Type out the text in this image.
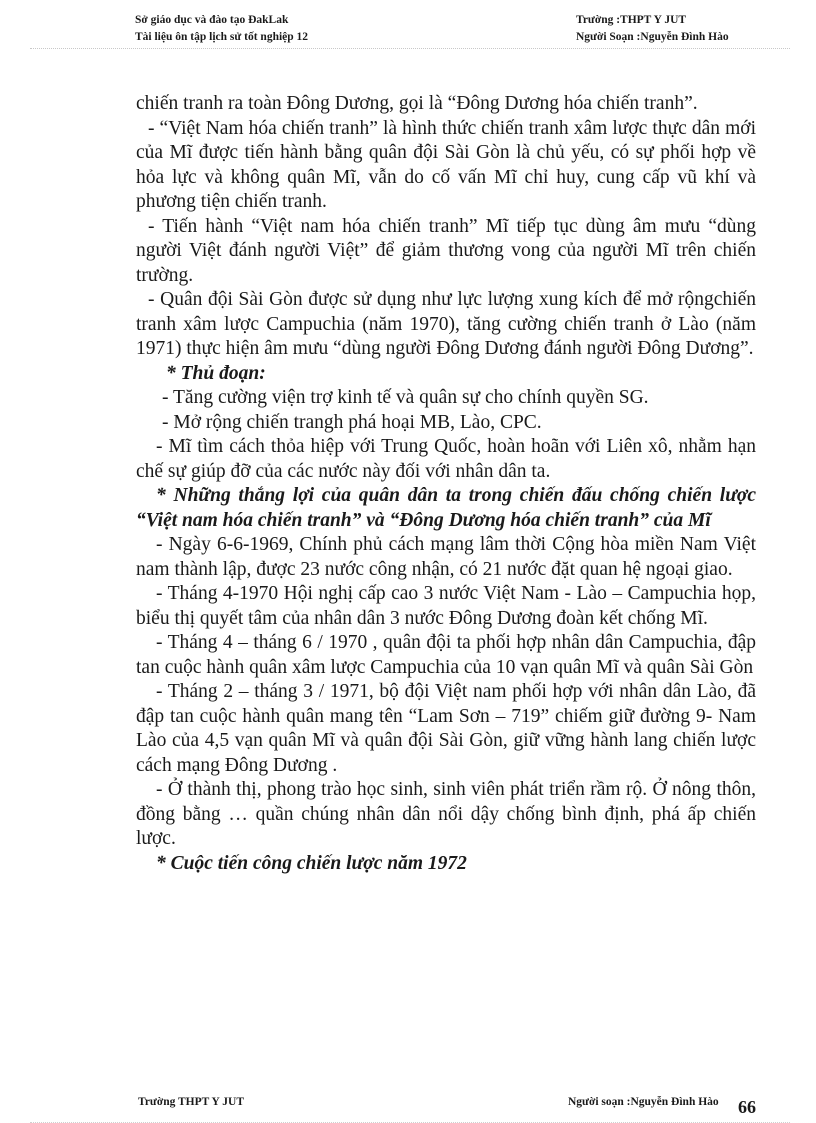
Sở giáo dục và đào tạo ĐakLak
Tài liệu ôn tập lịch sử tốt nghiệp 12
Trường :THPT Y JUT
Người Soạn :Nguyễn Đình Hào

chiến tranh ra toàn Đông Dương, gọi là “Đông Dương hóa chiến tranh”.

- “Việt Nam hóa chiến tranh” là hình thức chiến tranh xâm lược thực dân mới của Mĩ được tiến hành bằng quân đội Sài Gòn là chủ yếu, có sự phối hợp về hỏa lực và không quân Mĩ, vẫn do cố vấn Mĩ chỉ huy, cung cấp vũ khí và phương tiện chiến tranh.

- Tiến hành “Việt nam hóa chiến tranh” Mĩ tiếp tục dùng âm mưu “dùng người Việt đánh người Việt” để giảm thương vong của người Mĩ trên chiến trường.

- Quân đội Sài Gòn được sử dụng như lực lượng xung kích để mở rộngchiến tranh xâm lược Campuchia (năm 1970), tăng cường chiến tranh ở Lào (năm 1971) thực hiện âm mưu “dùng người Đông Dương đánh người Đông Dương”.

* Thủ đoạn:

- Tăng cường viện trợ kinh tế và quân sự cho chính quyền SG.

- Mở rộng chiến trangh phá hoại MB, Lào, CPC.

- Mĩ tìm cách thỏa hiệp với Trung Quốc, hoàn hoãn với Liên xô, nhằm hạn chế sự giúp đỡ của các nước này đối với nhân dân ta.

* Những thắng lợi của quân dân ta trong chiến đấu chống chiến lược “Việt nam hóa chiến tranh” và “Đông Dương hóa chiến tranh” của Mĩ

- Ngày 6-6-1969, Chính phủ cách mạng lâm thời Cộng hòa miền Nam Việt nam thành lập, được 23 nước công nhận, có 21 nước đặt quan hệ ngoại giao.

- Tháng 4-1970 Hội nghị cấp cao 3 nước Việt Nam - Lào – Campuchia họp, biểu thị quyết tâm của nhân dân 3 nước Đông Dương đoàn kết chống Mĩ.

- Tháng 4 – tháng 6 / 1970 , quân đội ta phối hợp nhân dân Campuchia, đập tan cuộc hành quân xâm lược Campuchia của 10 vạn quân Mĩ và quân Sài Gòn

- Tháng 2 – tháng 3 / 1971, bộ đội Việt nam phối hợp với nhân dân Lào, đã đập tan cuộc hành quân mang tên “Lam Sơn – 719” chiếm giữ đường 9- Nam Lào của 4,5 vạn quân Mĩ và quân đội Sài Gòn, giữ vững hành lang chiến lược cách mạng Đông Dương .

- Ở thành thị, phong trào học sinh, sinh viên phát triển rầm rộ. Ở nông thôn, đồng bằng … quần chúng nhân dân nổi dậy chống bình định, phá ấp chiến lược.

* Cuộc tiến công chiến lược năm 1972

Trường THPT Y JUT	Người soạn :Nguyễn Đình Hào 66
